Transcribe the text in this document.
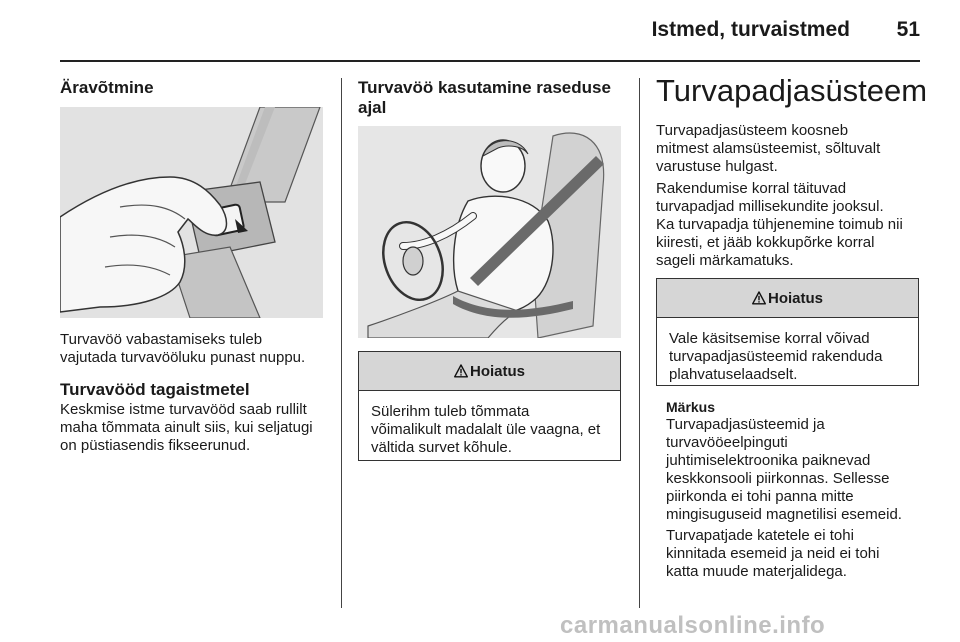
Istmed, turvaistmed	51
Äravõtmine

Turvavöö vabastamiseks tuleb

vajutada turvavööluku punast nuppu.

Turvavööd tagaistmetel

Keskmise istme turvavööd saab rullilt

maha tõmmata ainult siis, kui seljatugi

on püstiasendis fikseerunud.

Turvavöö kasutamine raseduse
ajal
Hoiatus
Sülerihm tuleb tõmmata
võimalikult madalalt üle vaagna, et
vältida survet kõhule.
Turvapadjasüsteem

Turvapadjasüsteem koosneb

mitmest alamsüsteemist, sõltuvalt

varustuse hulgast.

Rakendumise korral täituvad

turvapadjad millisekundite jooksul.

Ka turvapadja tühjenemine toimub nii

kiiresti, et jääb kokkupõrke korral

sageli märkamatuks.

Hoiatus
Vale käsitsemise korral võivad
turvapadjasüsteemid rakenduda
plahvatuselaadselt.
Märkus
Turvapadjasüsteemid ja
turvavööeelpinguti
juhtimiselektroonika paiknevad
keskkonsooli piirkonnas. Sellesse
piirkonda ei tohi panna mitte
mingisuguseid magnetilisi esemeid.
Turvapatjade katetele ei tohi
kinnitada esemeid ja neid ei tohi
katta muude materjalidega.
carmanualsonline.info
